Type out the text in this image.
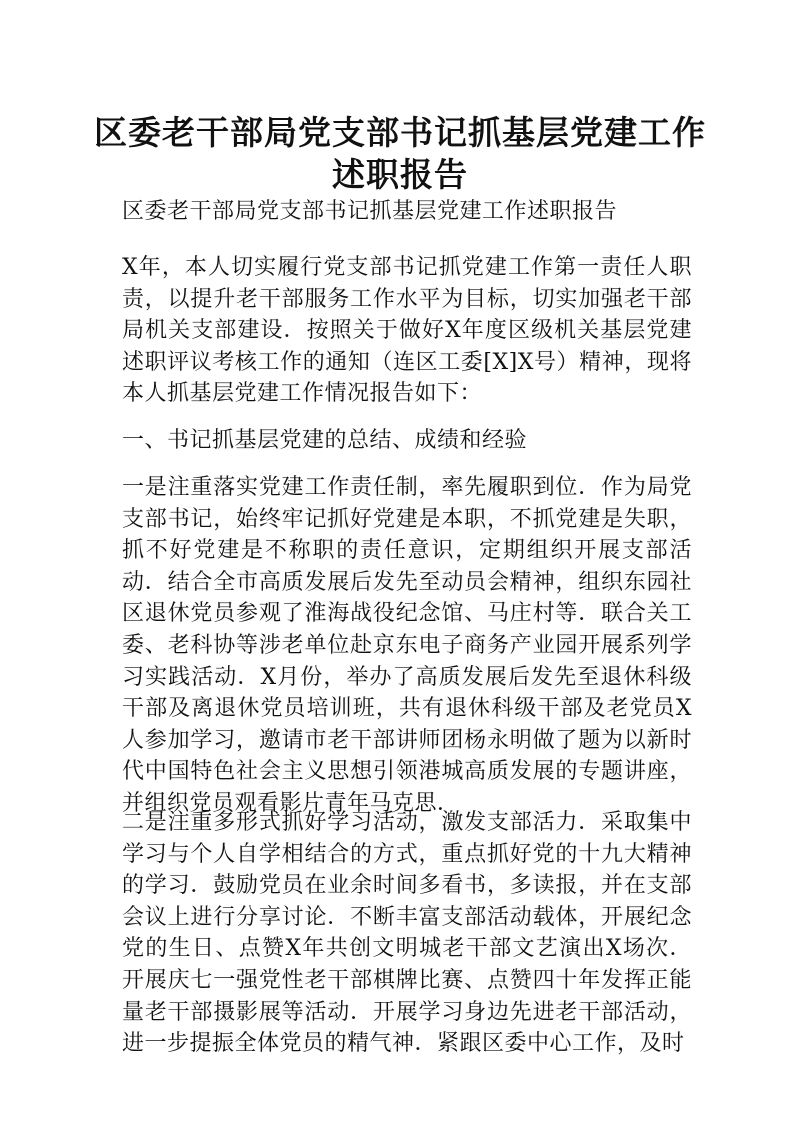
区委老干部局党支部书记抓基层党建工作述职报告

区委老干部局党支部书记抓基层党建工作述职报告

X年，本人切实履行党支部书记抓党建工作第一责任人职责，以提升老干部服务工作水平为目标，切实加强老干部局机关支部建设．按照关于做好X年度区级机关基层党建述职评议考核工作的通知（连区工委[X]X号）精神，现将本人抓基层党建工作情况报告如下：

一、书记抓基层党建的总结、成绩和经验

一是注重落实党建工作责任制，率先履职到位．作为局党支部书记，始终牢记抓好党建是本职，不抓党建是失职，抓不好党建是不称职的责任意识，定期组织开展支部活动．结合全市高质发展后发先至动员会精神，组织东园社区退休党员参观了淮海战役纪念馆、马庄村等．联合关工委、老科协等涉老单位赴京东电子商务产业园开展系列学习实践活动．X月份，举办了高质发展后发先至退休科级干部及离退休党员培训班，共有退休科级干部及老党员X人参加学习，邀请市老干部讲师团杨永明做了题为以新时代中国特色社会主义思想引领港城高质发展的专题讲座，并组织党员观看影片青年马克思．

二是注重多形式抓好学习活动，激发支部活力．采取集中学习与个人自学相结合的方式，重点抓好党的十九大精神的学习．鼓励党员在业余时间多看书，多读报，并在支部会议上进行分享讨论．不断丰富支部活动载体，开展纪念党的生日、点赞X年共创文明城老干部文艺演出X场次．开展庆七一强党性老干部棋牌比赛、点赞四十年发挥正能量老干部摄影展等活动．开展学习身边先进老干部活动，进一步提振全体党员的精气神．紧跟区委中心工作，及时
